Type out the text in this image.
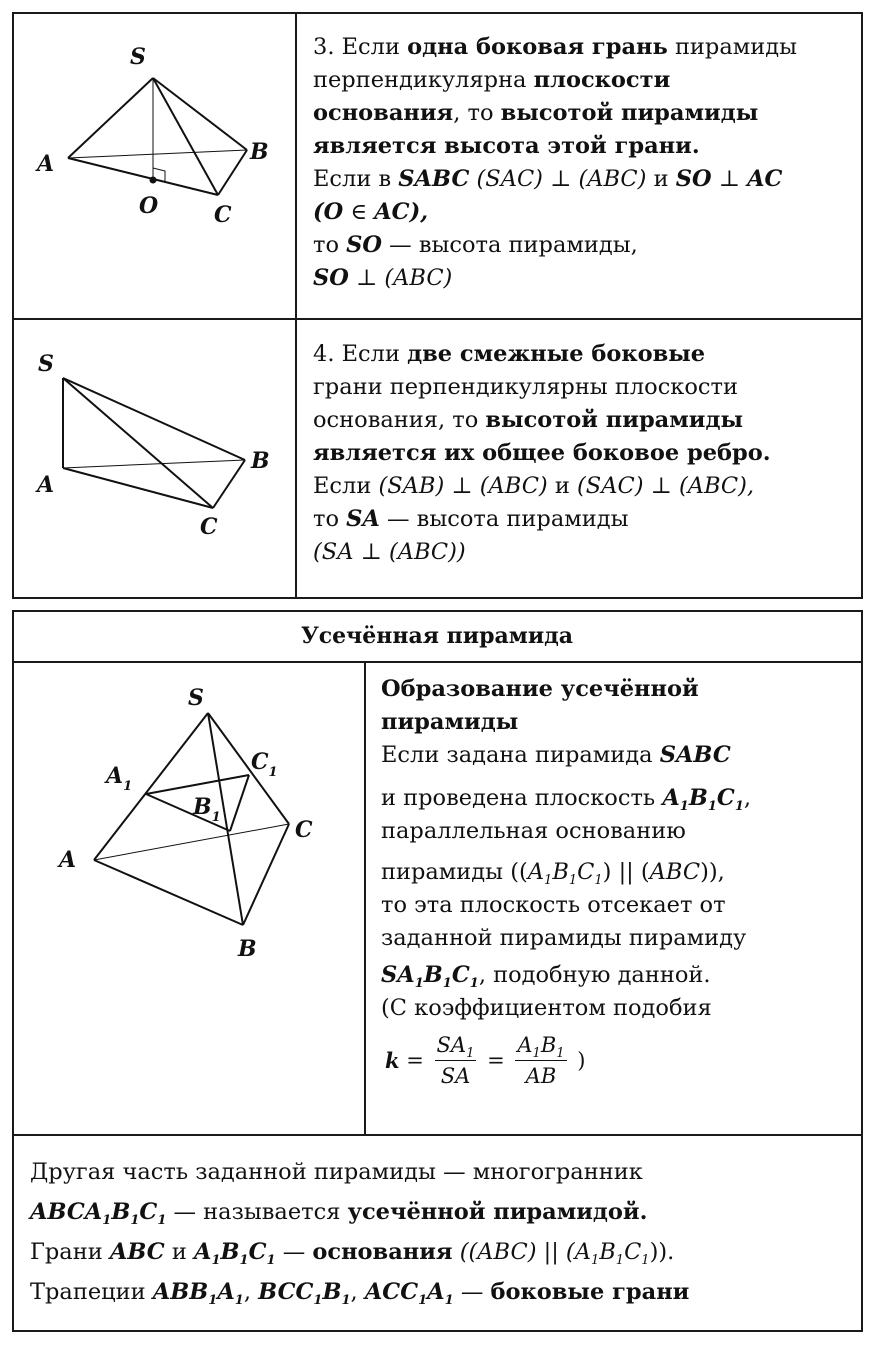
S
A	B
O	C
3. Если одна боковая грань пирамиды
перпендикулярна плоскости
основания, то высотой пирамиды
является высота этой грани.
Если в SABC (SAC) ⊥ (ABC) и SO ⊥ AC
(O ∈ AC),
то SO — высота пирамиды,
SO ⊥ (ABC)
S
A
B
C
4. Если две смежные боковые
грани перпендикулярны плоскости
основания, то высотой пирамиды
является их общее боковое ребро.
Если (SAB) ⊥ (ABC) и (SAC) ⊥ (ABC),
то SA — высота пирамиды
(SA ⊥ (ABC))
Усечённая пирамида
S
$A_1$
$C_1$
$B_1$
A
B
C
Образование усечённой
пирамиды
Если задана пирамида SABC
и проведена плоскость $A_1B_1C_1$,
параллельная основанию
пирамиды ($(A_1B_1C_1)$ || (ABC)),
то эта плоскость отсекает от
заданной пирамиды пирамиду
$SA_1B_1C_1$, подобную данной.
(С коэффициентом подобия
$k = \frac{SA_1}{SA} = \frac{A_1B_1}{AB}$ )
Другая часть заданной пирамиды — многогранник
$ABCA_1B_1C_1$ — называется усечённой пирамидой.
Грани ABC и $A_1B_1C_1$ — основания ((ABC) || $(A_1B_1C_1)$).
Трапеции $ABB_1A_1$, $BCC_1B_1$, $ACC_1A_1$ — боковые грани
